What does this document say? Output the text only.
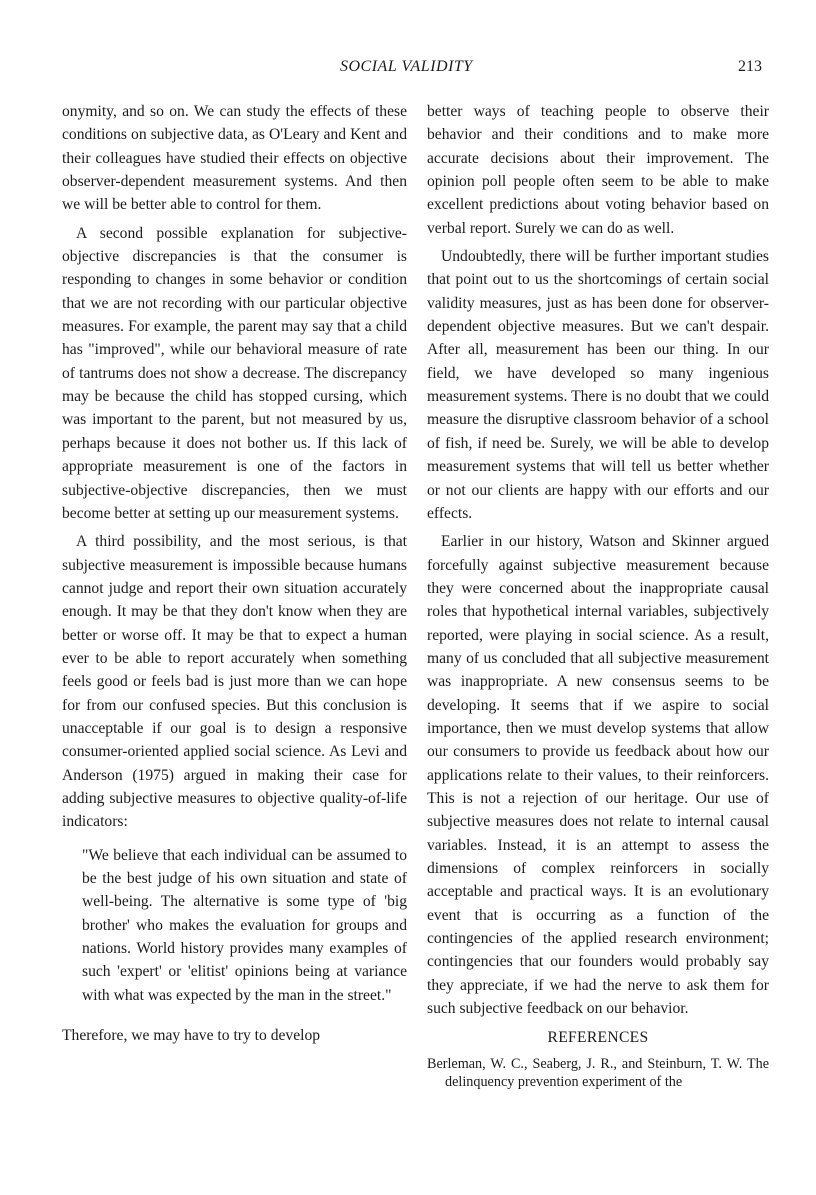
SOCIAL VALIDITY	213

onymity, and so on. We can study the effects of these conditions on subjective data, as O'Leary and Kent and their colleagues have studied their effects on objective observer-dependent measurement systems. And then we will be better able to control for them.

A second possible explanation for subjective-objective discrepancies is that the consumer is responding to changes in some behavior or condition that we are not recording with our particular objective measures. For example, the parent may say that a child has "improved", while our behavioral measure of rate of tantrums does not show a decrease. The discrepancy may be because the child has stopped cursing, which was important to the parent, but not measured by us, perhaps because it does not bother us. If this lack of appropriate measurement is one of the factors in subjective-objective discrepancies, then we must become better at setting up our measurement systems.

A third possibility, and the most serious, is that subjective measurement is impossible because humans cannot judge and report their own situation accurately enough. It may be that they don't know when they are better or worse off. It may be that to expect a human ever to be able to report accurately when something feels good or feels bad is just more than we can hope for from our confused species. But this conclusion is unacceptable if our goal is to design a responsive consumer-oriented applied social science. As Levi and Anderson (1975) argued in making their case for adding subjective measures to objective quality-of-life indicators:

"We believe that each individual can be assumed to be the best judge of his own situation and state of well-being. The alternative is some type of 'big brother' who makes the evaluation for groups and nations. World history provides many examples of such 'expert' or 'elitist' opinions being at variance with what was expected by the man in the street."

Therefore, we may have to try to develop

better ways of teaching people to observe their behavior and their conditions and to make more accurate decisions about their improvement. The opinion poll people often seem to be able to make excellent predictions about voting behavior based on verbal report. Surely we can do as well.

Undoubtedly, there will be further important studies that point out to us the shortcomings of certain social validity measures, just as has been done for observer-dependent objective measures. But we can't despair. After all, measurement has been our thing. In our field, we have developed so many ingenious measurement systems. There is no doubt that we could measure the disruptive classroom behavior of a school of fish, if need be. Surely, we will be able to develop measurement systems that will tell us better whether or not our clients are happy with our efforts and our effects.

Earlier in our history, Watson and Skinner argued forcefully against subjective measurement because they were concerned about the inappropriate causal roles that hypothetical internal variables, subjectively reported, were playing in social science. As a result, many of us concluded that all subjective measurement was inappropriate. A new consensus seems to be developing. It seems that if we aspire to social importance, then we must develop systems that allow our consumers to provide us feedback about how our applications relate to their values, to their reinforcers. This is not a rejection of our heritage. Our use of subjective measures does not relate to internal causal variables. Instead, it is an attempt to assess the dimensions of complex reinforcers in socially acceptable and practical ways. It is an evolutionary event that is occurring as a function of the contingencies of the applied research environment; contingencies that our founders would probably say they appreciate, if we had the nerve to ask them for such subjective feedback on our behavior.

REFERENCES

Berleman, W. C., Seaberg, J. R., and Steinburn, T. W. The delinquency prevention experiment of the
